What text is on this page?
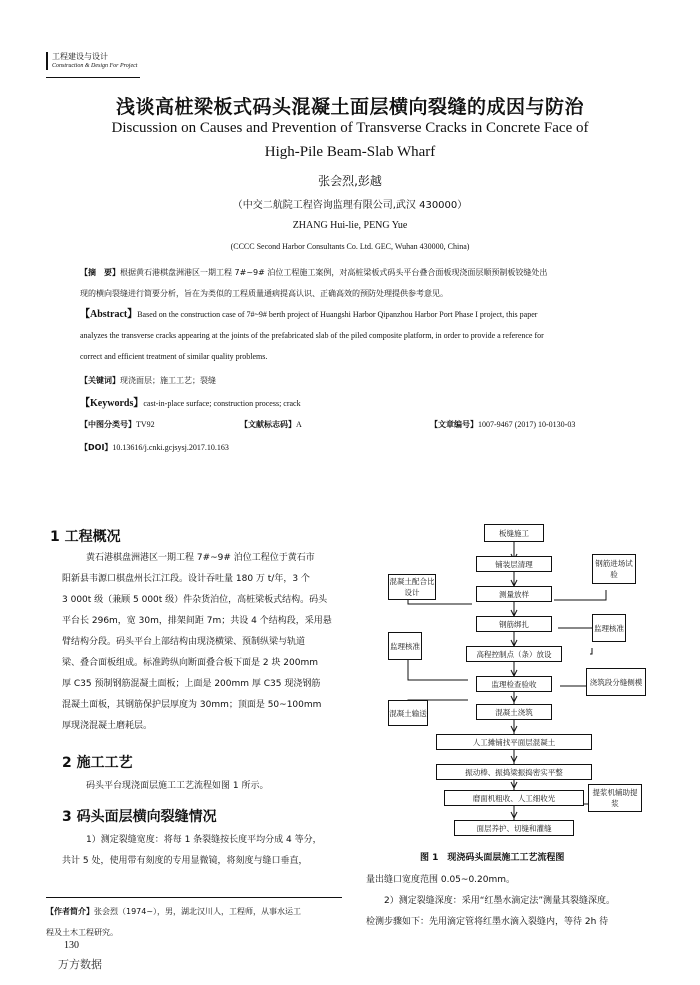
工程建设与设计
Construction & Design For Project
浅谈高桩梁板式码头混凝土面层横向裂缝的成因与防治
Discussion on Causes and Prevention of Transverse Cracks in Concrete Face of
High-Pile Beam-Slab Wharf
张会烈,彭越
（中交二航院工程咨询监理有限公司,武汉 430000）
ZHANG Hui-lie, PENG Yue
(CCCC Second Harbor Consultants Co. Ltd. GEC, Wuhan 430000, China)
【摘　要】根据黄石港棋盘洲港区一期工程 7#~9# 泊位工程施工案例，对高桩梁板式码头平台叠合面板现浇面层顺预制板铰缝处出
现的横向裂缝进行简要分析，旨在为类似的工程质量通病提高认识、正确高效的预防处理提供参考意见。
【Abstract】Based on the construction case of 7#~9# berth project of Huangshi Harbor Qipanzhou Harbor Port Phase I project, this paper
analyzes the transverse cracks appearing at the joints of the prefabricated slab of the piled composite platform, in order to provide a reference for
correct and efficient treatment of similar quality problems.
【关键词】现浇面层；施工工艺；裂缝
【Keywords】cast-in-place surface; construction process; crack
【中图分类号】TV92	【文献标志码】A	【文章编号】1007-9467 (2017) 10-0130-03
【DOI】10.13616/j.cnki.gcjsysj.2017.10.163
1 工程概况
黄石港棋盘洲港区一期工程 7#~9# 泊位工程位于黄石市
阳新县韦源口棋盘州长江江段。设计吞吐量 180 万 t/年，3 个
3 000t 级（兼顾 5 000t 级）件杂货泊位，高桩梁板式结构。码头
平台长 296m，宽 30m，排架间距 7m；共设 4 个结构段，采用悬
臂结构分段。码头平台上部结构由现浇横梁、预制纵梁与轨道
梁、叠合面板组成。标准跨纵向断面叠合板下面是 2 块 200mm
厚 C35 预制钢筋混凝土面板；上面是 200mm 厚 C35 现浇钢筋
混凝土面板，其钢筋保护层厚度为 30mm；顶面是 50~100mm
厚现浇混凝土磨耗层。
2 施工工艺
码头平台现浇面层施工工艺流程如图 1 所示。
3 码头面层横向裂缝情况
1）测定裂缝宽度：将每 1 条裂缝按长度平均分成 4 等分，
共计 5 处，使用带有刻度的专用显微镜，将刻度与缝口垂直，
板缝施工
铺装层清理
测量放样
钢筋绑扎
高程控制点（条）放设
监理检查验收
混凝土浇筑
人工摊铺找平面层混凝土
振动棒、振捣梁振捣密实平整
磨面机粗收、人工细收光
面层养护、切缝和灌缝
混凝土配合比设计
监理核准
混凝土输送
钢筋进场试验
监理核准
浇筑段分缝侧模
提浆机辅助提浆
图 1　现浇码头面层施工工艺流程图
量出缝口宽度范围 0.05~0.20mm。
2）测定裂缝深度：采用“红墨水滴定法”测量其裂缝深度。
检测步骤如下：先用滴定管将红墨水滴入裂缝内，等待 2h 待
【作者简介】张会烈（1974~），男，湖北汉川人，工程师，从事水运工
程及土木工程研究。
130
万方数据
